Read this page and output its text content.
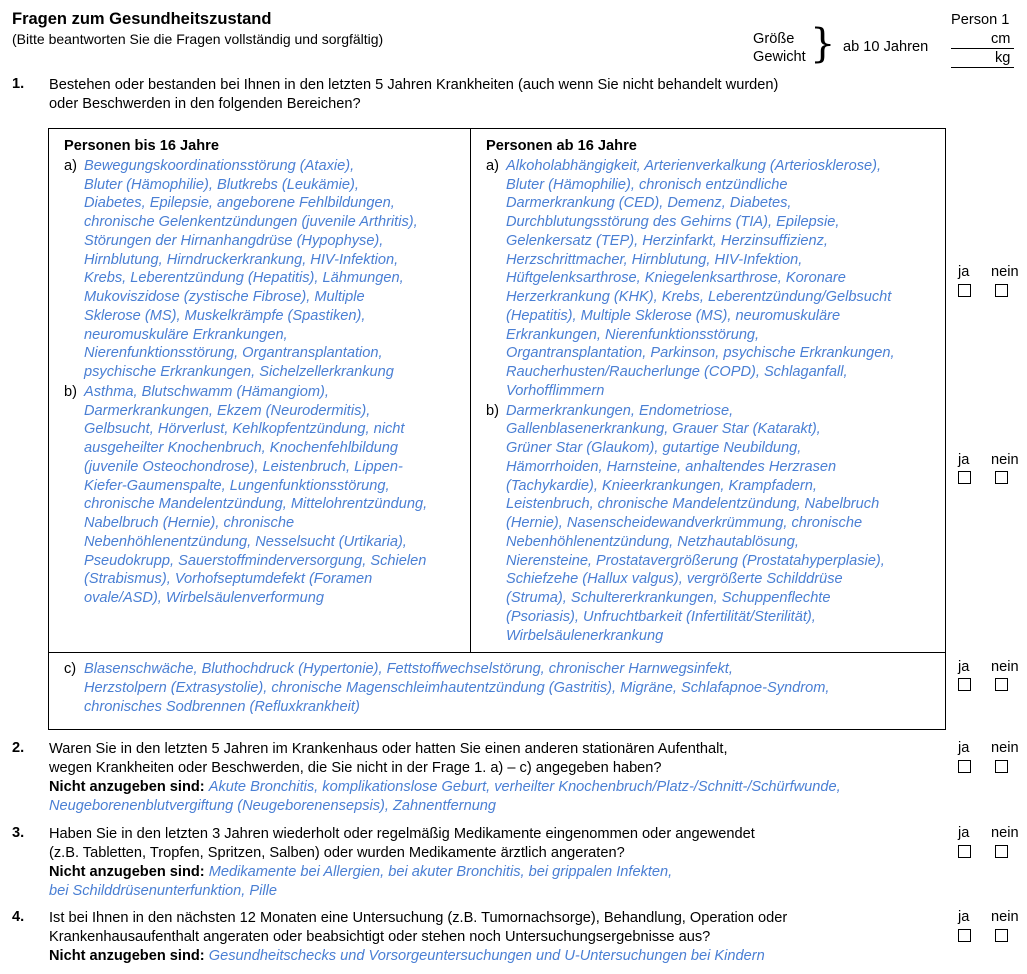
Fragen zum Gesundheitszustand
(Bitte beantworten Sie die Fragen vollständig und sorgfältig)
Person 1
Größe
Gewicht } ab 10 Jahren	cm
kg
1. Bestehen oder bestanden bei Ihnen in den letzten 5 Jahren Krankheiten (auch wenn Sie nicht behandelt wurden)
oder Beschwerden in den folgenden Bereichen?
Personen bis 16 Jahre
a) Bewegungskoordinationsstörung (Ataxie),
Bluter (Hämophilie), Blutkrebs (Leukämie),
Diabetes, Epilepsie, angeborene Fehlbildungen,
chronische Gelenkentzündungen (juvenile Arthritis),
Störungen der Hirnanhangdrüse (Hypophyse),
Hirnblutung, Hirndruckerkrankung, HIV-Infektion,
Krebs, Leberentzündung (Hepatitis), Lähmungen,
Mukoviszidose (zystische Fibrose), Multiple
Sklerose (MS), Muskelkrämpfe (Spastiken),
neuromuskuläre Erkrankungen,
Nierenfunktionsstörung, Organtransplantation,
psychische Erkrankungen, Sichelzellerkrankung
b) Asthma, Blutschwamm (Hämangiom),
Darmerkrankungen, Ekzem (Neurodermitis),
Gelbsucht, Hörverlust, Kehlkopfentzündung, nicht
ausgeheilter Knochenbruch, Knochenfehlbildung
(juvenile Osteochondrose), Leistenbruch, Lippen-
Kiefer-Gaumenspalte, Lungenfunktionsstörung,
chronische Mandelentzündung, Mittelohrentzündung,
Nabelbruch (Hernie), chronische
Nebenhöhlenentzündung, Nesselsucht (Urtikaria),
Pseudokrupp, Sauerstoffminderversorgung, Schielen
(Strabismus), Vorhofseptumdefekt (Foramen
ovale/ASD), Wirbelsäulenverformung
Personen ab 16 Jahre
a) Alkoholabhängigkeit, Arterienverkalkung (Arteriosklerose),
Bluter (Hämophilie), chronisch entzündliche
Darmerkrankung (CED), Demenz, Diabetes,
Durchblutungsstörung des Gehirns (TIA), Epilepsie,
Gelenkersatz (TEP), Herzinfarkt, Herzinsuffizienz,
Herzschrittmacher, Hirnblutung, HIV-Infektion,
Hüftgelenksarthrose, Kniegelenksarthrose, Koronare
Herzerkrankung (KHK), Krebs, Leberentzündung/Gelbsucht
(Hepatitis), Multiple Sklerose (MS), neuromuskuläre
Erkrankungen, Nierenfunktionsstörung,
Organtransplantation, Parkinson, psychische Erkrankungen,
Raucherhusten/Raucherlunge (COPD), Schlaganfall,
Vorhofflimmern
b) Darmerkrankungen, Endometriose,
Gallenblasenerkrankung, Grauer Star (Katarakt),
Grüner Star (Glaukom), gutartige Neubildung,
Hämorrhoiden, Harnsteine, anhaltendes Herzrasen
(Tachykardie), Knieerkrankungen, Krampfadern,
Leistenbruch, chronische Mandelentzündung, Nabelbruch
(Hernie), Nasenscheidewandverkrümmung, chronische
Nebenhöhlenentzündung, Netzhautablösung,
Nierensteine, Prostatavergrößerung (Prostatahyperplasie),
Schiefzehe (Hallux valgus), vergrößerte Schilddrüse
(Struma), Schultererkrankungen, Schuppenflechte
(Psoriasis), Unfruchtbarkeit (Infertilität/Sterilität),
Wirbelsäulenerkrankung
c) Blasenschwäche, Bluthochdruck (Hypertonie), Fettstoffwechselstörung, chronischer Harnwegsinfekt,
Herzstolpern (Extrasystolie), chronische Magenschleimhautentzündung (Gastritis), Migräne, Schlafapnoe-Syndrom,
chronisches Sodbrennen (Refluxkrankheit)
ja nein
ja nein
ja nein
2. Waren Sie in den letzten 5 Jahren im Krankenhaus oder hatten Sie einen anderen stationären Aufenthalt,
wegen Krankheiten oder Beschwerden, die Sie nicht in der Frage 1. a) – c) angegeben haben?
Nicht anzugeben sind: Akute Bronchitis, komplikationslose Geburt, verheilter Knochenbruch/Platz-/Schnitt-/Schürfwunde,
Neugeborenenblutvergiftung (Neugeborenensepsis), Zahnentfernung
ja nein
3. Haben Sie in den letzten 3 Jahren wiederholt oder regelmäßig Medikamente eingenommen oder angewendet
(z.B. Tabletten, Tropfen, Spritzen, Salben) oder wurden Medikamente ärztlich angeraten?
Nicht anzugeben sind: Medikamente bei Allergien, bei akuter Bronchitis, bei grippalen Infekten,
bei Schilddrüsenunterfunktion, Pille
ja nein
4. Ist bei Ihnen in den nächsten 12 Monaten eine Untersuchung (z.B. Tumornachsorge), Behandlung, Operation oder
Krankenhausaufenthalt angeraten oder beabsichtigt oder stehen noch Untersuchungsergebnisse aus?
Nicht anzugeben sind: Gesundheitschecks und Vorsorgeuntersuchungen und U-Untersuchungen bei Kindern
ja nein
